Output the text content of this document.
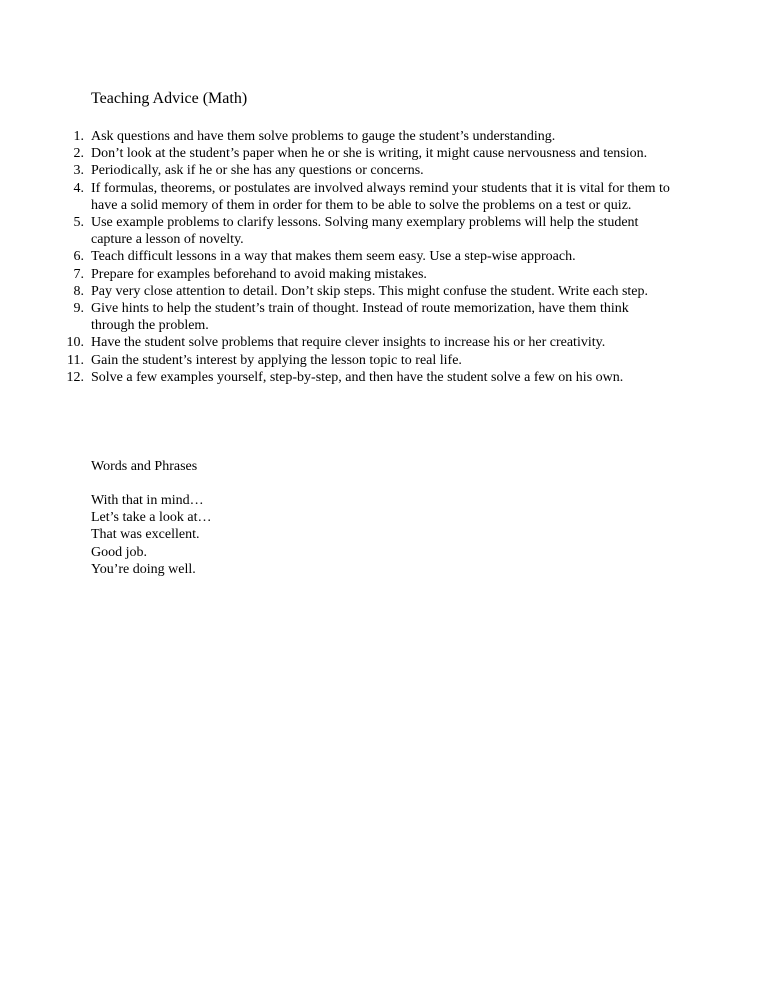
Teaching Advice (Math)
1. Ask questions and have them solve problems to gauge the student’s understanding.
2. Don’t look at the student’s paper when he or she is writing, it might cause nervousness and tension.
3. Periodically, ask if he or she has any questions or concerns.
4. If formulas, theorems, or postulates are involved always remind your students that it is vital for them to have a solid memory of them in order for them to be able to solve the problems on a test or quiz.
5. Use example problems to clarify lessons. Solving many exemplary problems will help the student capture a lesson of novelty.
6. Teach difficult lessons in a way that makes them seem easy. Use a step-wise approach.
7. Prepare for examples beforehand to avoid making mistakes.
8. Pay very close attention to detail. Don’t skip steps. This might confuse the student. Write each step.
9. Give hints to help the student’s train of thought. Instead of route memorization, have them think through the problem.
10. Have the student solve problems that require clever insights to increase his or her creativity.
11. Gain the student’s interest by applying the lesson topic to real life.
12. Solve a few examples yourself, step-by-step, and then have the student solve a few on his own.
Words and Phrases
With that in mind…
Let’s take a look at…
That was excellent.
Good job.
You’re doing well.
